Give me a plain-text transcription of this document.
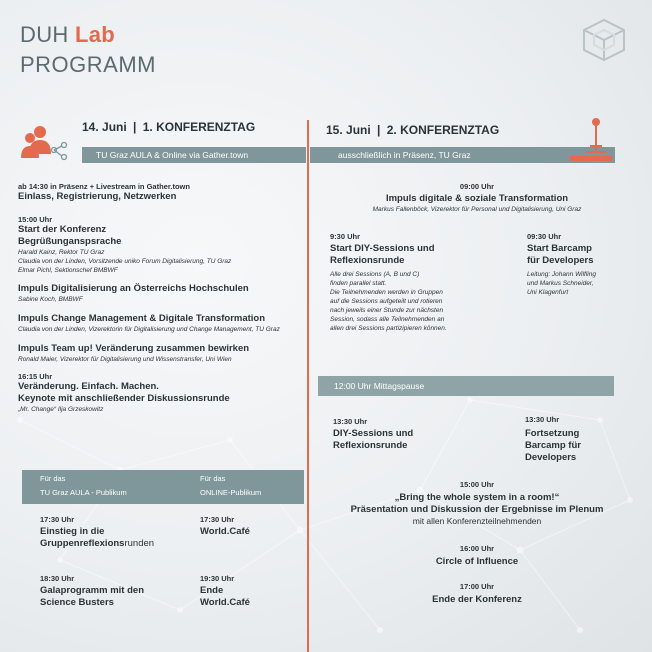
DUH Lab
PROGRAMM
14. Juni | 1. KONFERENZTAG
TU Graz AULA & Online via Gather.town	ausschließlich in Präsenz, TU Graz
15. Juni | 2. KONFERENZTAG
ab 14:30 in Präsenz + Livestream in Gather.town
Einlass, Registrierung, Netzwerken
15:00 Uhr
Start der Konferenz
Begrüßunganspsrache
Harald Kainz, Rektor TU Graz
Claudia von der Linden, Vorsitzende uniko Forum Digitalisierung, TU Graz
Elmar Pichl, Sektionschef BMBWF
Impuls Digitalisierung an Österreichs Hochschulen
Sabine Koch, BMBWF
Impuls Change Management & Digitale Transformation
Claudia von der Linden, Vizerektorin für Digitalisierung und Change Management, TU Graz
Impuls Team up! Veränderung zusammen bewirken
Ronald Maier, Vizerektor für Digitalisierung und Wissenstransfer, Uni Wien
16:15 Uhr
Veränderung. Einfach. Machen.
Keynote mit anschließender Diskussionsrunde
„Mr. Change“ Ilja Grzeskowitz
Für das
TU Graz AULA - Publikum
Für das
ONLINE-Publikum
17:30 Uhr
Einstieg in die
Gruppenreflexionsrunden
18:30 Uhr
Galaprogramm mit den
Science Busters
17:30 Uhr
World.Café
19:30 Uhr
Ende
World.Café
09:00 Uhr
Impuls digitale & soziale Transformation
Markus Fallenböck, Vizerektor für Personal und Digitalisierung, Uni Graz
9:30 Uhr
Start DIY-Sessions und
Reflexionsrunde
Alle drei Sessions (A, B und C)
finden parallel statt.
Die Teilnehmenden werden in Gruppen
auf die Sessions aufgeteilt und rotieren
nach jeweils einer Stunde zur nächsten
Session, sodass alle Teilnehmenden an
allen drei Sessions partizipieren können.
09:30 Uhr
Start Barcamp
für Developers
Leitung: Johann Wilfling
und Markus Schneider,
Uni Klagenfurt
12:00 Uhr Mittagspause
13:30 Uhr
DIY-Sessions und
Reflexionsrunde
13:30 Uhr
Fortsetzung
Barcamp für
Developers
15:00 Uhr
„Bring the whole system in a room!“
Präsentation und Diskussion der Ergebnisse im Plenum
mit allen Konferenzteilnehmenden
16:00 Uhr
Circle of Influence
17:00 Uhr
Ende der Konferenz
